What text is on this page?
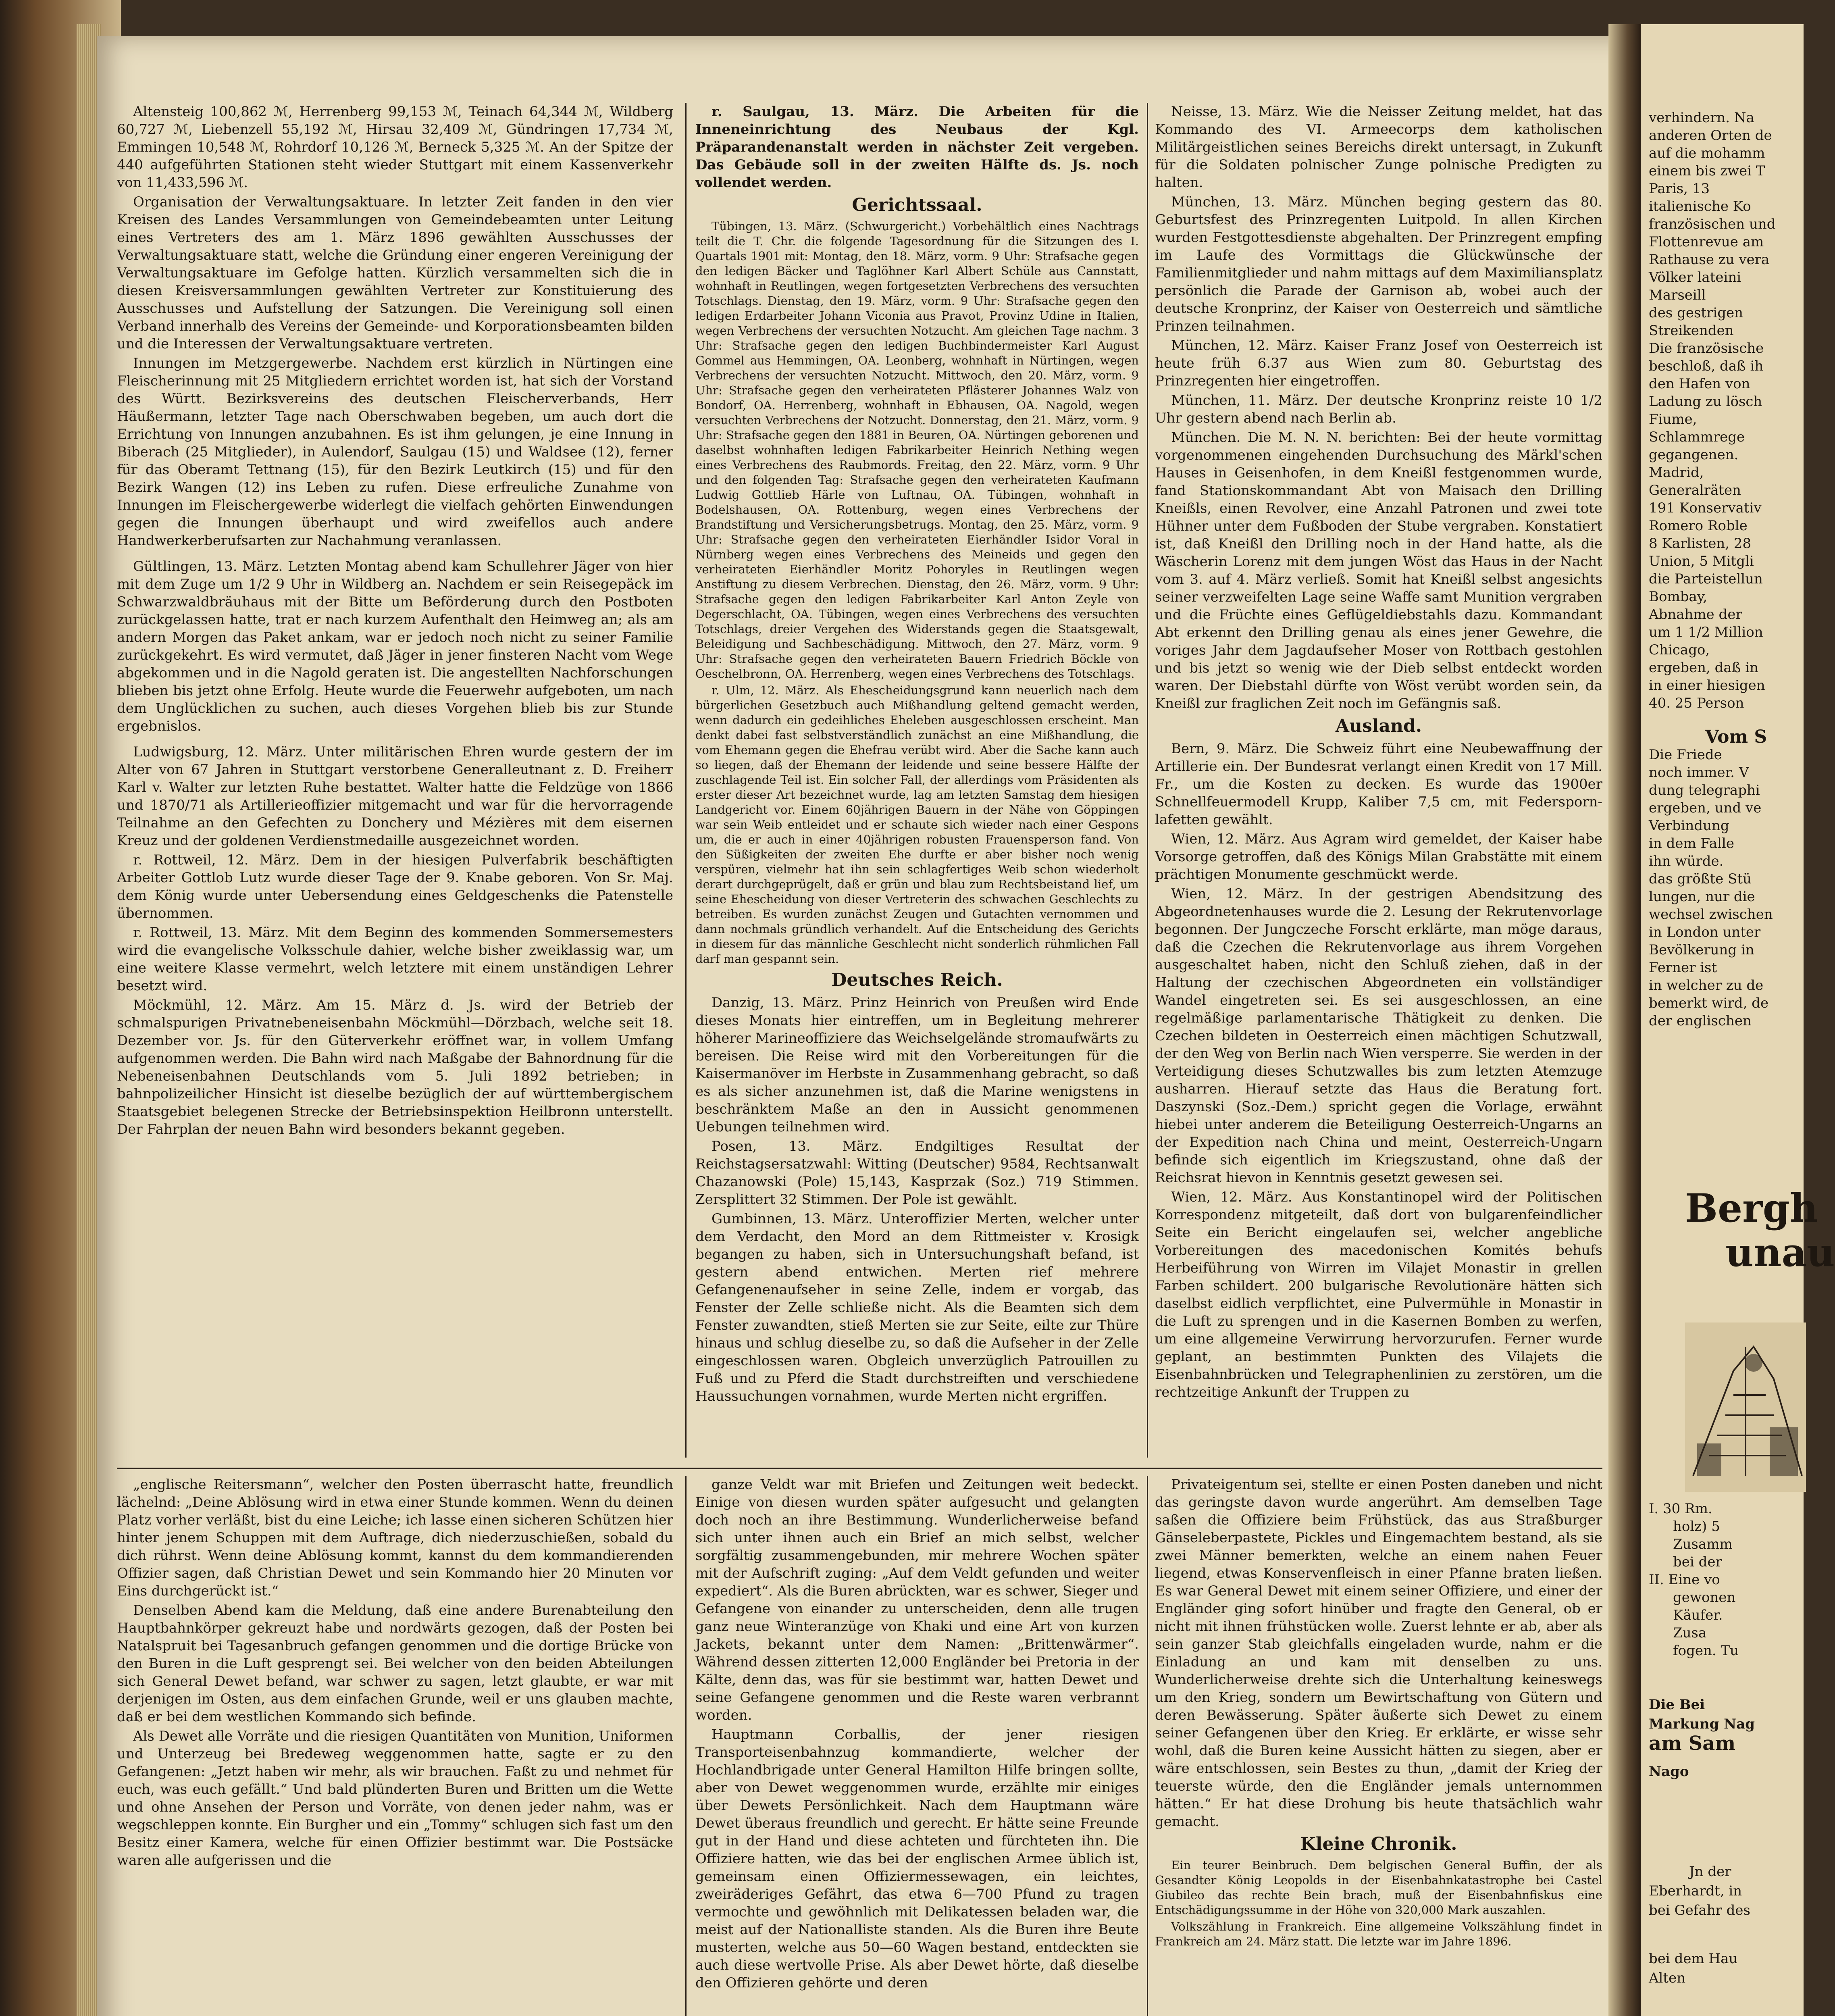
Altensteig 100,862 ℳ, Herrenberg 99,153 ℳ, Teinach 64,344 ℳ, Wildberg 60,727 ℳ, Liebenzell 55,192 ℳ, Hirsau 32,409 ℳ, Gündringen 17,734 ℳ, Emmingen 10,548 ℳ, Rohrdorf 10,126 ℳ, Berneck 5,325 ℳ. An der Spitze der 440 aufgeführten Stationen steht wieder Stuttgart mit einem Kassenverkehr von 11,433,596 ℳ.

Organisation der Verwaltungsaktuare. In letzter Zeit fanden in den vier Kreisen des Landes Versammlungen von Gemeindebeamten unter Leitung eines Vertreters des am 1. März 1896 gewählten Ausschusses der Verwaltungsaktuare statt, welche die Gründung einer engeren Vereinigung der Verwaltungsaktuare im Gefolge hatten. Kürzlich versammelten sich die in diesen Kreisversammlungen gewählten Vertreter zur Konstituierung des Ausschusses und Aufstellung der Satzungen. Die Vereinigung soll einen Verband innerhalb des Vereins der Gemeinde- und Korporationsbeamten bilden und die Interessen der Verwaltungsaktuare vertreten.

Innungen im Metzgergewerbe. Nachdem erst kürzlich in Nürtingen eine Fleischerinnung mit 25 Mitgliedern errichtet worden ist, hat sich der Vorstand des Württ. Bezirksvereins des deutschen Fleischerverbands, Herr Häußermann, letzter Tage nach Oberschwaben begeben, um auch dort die Errichtung von Innungen anzubahnen. Es ist ihm gelungen, je eine Innung in Biberach (25 Mitglieder), in Aulendorf, Saulgau (15) und Waldsee (12), ferner für das Oberamt Tettnang (15), für den Bezirk Leutkirch (15) und für den Bezirk Wangen (12) ins Leben zu rufen. Diese erfreuliche Zunahme von Innungen im Fleischergewerbe widerlegt die vielfach gehörten Einwendungen gegen die Innungen überhaupt und wird zweifellos auch andere Handwerkerberufsarten zur Nachahmung veranlassen.

Gültlingen, 13. März. Letzten Montag abend kam Schullehrer Jäger von hier mit dem Zuge um 1/2 9 Uhr in Wildberg an. Nachdem er sein Reisegepäck im Schwarzwaldbräuhaus mit der Bitte um Beförderung durch den Postboten zurückgelassen hatte, trat er nach kurzem Aufenthalt den Heimweg an; als am andern Morgen das Paket ankam, war er jedoch noch nicht zu seiner Familie zurückgekehrt. Es wird vermutet, daß Jäger in jener finsteren Nacht vom Wege abgekommen und in die Nagold geraten ist. Die angestellten Nachforschungen blieben bis jetzt ohne Erfolg. Heute wurde die Feuerwehr aufgeboten, um nach dem Unglücklichen zu suchen, auch dieses Vorgehen blieb bis zur Stunde ergebnislos.

Ludwigsburg, 12. März. Unter militärischen Ehren wurde gestern der im Alter von 67 Jahren in Stuttgart verstorbene Generalleutnant z. D. Freiherr Karl v. Walter zur letzten Ruhe bestattet. Walter hatte die Feldzüge von 1866 und 1870/71 als Artillerieoffizier mitgemacht und war für die hervorragende Teilnahme an den Gefechten zu Donchery und Mézières mit dem eisernen Kreuz und der goldenen Verdienstmedaille ausgezeichnet worden.

r. Rottweil, 12. März. Dem in der hiesigen Pulverfabrik beschäftigten Arbeiter Gottlob Lutz wurde dieser Tage der 9. Knabe geboren. Von Sr. Maj. dem König wurde unter Uebersendung eines Geldgeschenks die Patenstelle übernommen.

r. Rottweil, 13. März. Mit dem Beginn des kommenden Sommersemesters wird die evangelische Volksschule dahier, welche bisher zweiklassig war, um eine weitere Klasse vermehrt, welch letztere mit einem unständigen Lehrer besetzt wird.

Möckmühl, 12. März. Am 15. März d. Js. wird der Betrieb der schmalspurigen Privatnebeneisenbahn Möckmühl—Dörzbach, welche seit 18. Dezember vor. Js. für den Güterverkehr eröffnet war, in vollem Umfang aufgenommen werden. Die Bahn wird nach Maßgabe der Bahnordnung für die Nebeneisenbahnen Deutschlands vom 5. Juli 1892 betrieben; in bahnpolizeilicher Hinsicht ist dieselbe bezüglich der auf württembergischem Staatsgebiet belegenen Strecke der Betriebsinspektion Heilbronn unterstellt. Der Fahrplan der neuen Bahn wird besonders bekannt gegeben.

r. Saulgau, 13. März. Die Arbeiten für die Inneneinrichtung des Neubaus der Kgl. Präparandenanstalt werden in nächster Zeit vergeben. Das Gebäude soll in der zweiten Hälfte ds. Js. noch vollendet werden.

Gerichtssaal.

Tübingen, 13. März. (Schwurgericht.) Vorbehältlich eines Nachtrags teilt die T. Chr. die folgende Tagesordnung für die Sitzungen des I. Quartals 1901 mit: Montag, den 18. März, vorm. 9 Uhr: Strafsache gegen den ledigen Bäcker und Taglöhner Karl Albert Schüle aus Cannstatt, wohnhaft in Reutlingen, wegen fortgesetzten Verbrechens des versuchten Totschlags. Dienstag, den 19. März, vorm. 9 Uhr: Strafsache gegen den ledigen Erdarbeiter Johann Viconia aus Pravot, Provinz Udine in Italien, wegen Verbrechens der versuchten Notzucht. Am gleichen Tage nachm. 3 Uhr: Strafsache gegen den ledigen Buchbindermeister Karl August Gommel aus Hemmingen, OA. Leonberg, wohnhaft in Nürtingen, wegen Verbrechens der versuchten Notzucht. Mittwoch, den 20. März, vorm. 9 Uhr: Strafsache gegen den verheirateten Pflästerer Johannes Walz von Bondorf, OA. Herrenberg, wohnhaft in Ebhausen, OA. Nagold, wegen versuchten Verbrechens der Notzucht. Donnerstag, den 21. März, vorm. 9 Uhr: Strafsache gegen den 1881 in Beuren, OA. Nürtingen geborenen und daselbst wohnhaften ledigen Fabrikarbeiter Heinrich Nething wegen eines Verbrechens des Raubmords. Freitag, den 22. März, vorm. 9 Uhr und den folgenden Tag: Strafsache gegen den verheirateten Kaufmann Ludwig Gottlieb Härle von Luftnau, OA. Tübingen, wohnhaft in Bodelshausen, OA. Rottenburg, wegen eines Verbrechens der Brandstiftung und Versicherungsbetrugs. Montag, den 25. März, vorm. 9 Uhr: Strafsache gegen den verheirateten Eierhändler Isidor Voral in Nürnberg wegen eines Verbrechens des Meineids und gegen den verheirateten Eierhändler Moritz Pohoryles in Reutlingen wegen Anstiftung zu diesem Verbrechen. Dienstag, den 26. März, vorm. 9 Uhr: Strafsache gegen den ledigen Fabrikarbeiter Karl Anton Zeyle von Degerschlacht, OA. Tübingen, wegen eines Verbrechens des versuchten Totschlags, dreier Vergehen des Widerstands gegen die Staatsgewalt, Beleidigung und Sachbeschädigung. Mittwoch, den 27. März, vorm. 9 Uhr: Strafsache gegen den verheirateten Bauern Friedrich Böckle von Oeschelbronn, OA. Herrenberg, wegen eines Verbrechens des Totschlags.

r. Ulm, 12. März. Als Ehescheidungsgrund kann neuerlich nach dem bürgerlichen Gesetzbuch auch Mißhandlung geltend gemacht werden, wenn dadurch ein gedeihliches Eheleben ausgeschlossen erscheint. Man denkt dabei fast selbstverständlich zunächst an eine Mißhandlung, die vom Ehemann gegen die Ehefrau verübt wird. Aber die Sache kann auch so liegen, daß der Ehemann der leidende und seine bessere Hälfte der zuschlagende Teil ist. Ein solcher Fall, der allerdings vom Präsidenten als erster dieser Art bezeichnet wurde, lag am letzten Samstag dem hiesigen Landgericht vor. Einem 60jährigen Bauern in der Nähe von Göppingen war sein Weib entleidet und er schaute sich wieder nach einer Gespons um, die er auch in einer 40jährigen robusten Frauensperson fand. Von den Süßigkeiten der zweiten Ehe durfte er aber bisher noch wenig verspüren, vielmehr hat ihn sein schlagfertiges Weib schon wiederholt derart durchgeprügelt, daß er grün und blau zum Rechtsbeistand lief, um seine Ehescheidung von dieser Vertreterin des schwachen Geschlechts zu betreiben. Es wurden zunächst Zeugen und Gutachten vernommen und dann nochmals gründlich verhandelt. Auf die Entscheidung des Gerichts in diesem für das männliche Geschlecht nicht sonderlich rühmlichen Fall darf man gespannt sein.

Deutsches Reich.

Danzig, 13. März. Prinz Heinrich von Preußen wird Ende dieses Monats hier eintreffen, um in Begleitung mehrerer höherer Marineoffiziere das Weichselgelände stromaufwärts zu bereisen. Die Reise wird mit den Vorbereitungen für die Kaisermanöver im Herbste in Zusammenhang gebracht, so daß es als sicher anzunehmen ist, daß die Marine wenigstens in beschränktem Maße an den in Aussicht genommenen Uebungen teilnehmen wird.

Posen, 13. März. Endgiltiges Resultat der Reichstagsersatzwahl: Witting (Deutscher) 9584, Rechtsanwalt Chazanowski (Pole) 15,143, Kasprzak (Soz.) 719 Stimmen. Zersplittert 32 Stimmen. Der Pole ist gewählt.

Gumbinnen, 13. März. Unteroffizier Merten, welcher unter dem Verdacht, den Mord an dem Rittmeister v. Krosigk begangen zu haben, sich in Untersuchungshaft befand, ist gestern abend entwichen. Merten rief mehrere Gefangenenaufseher in seine Zelle, indem er vorgab, das Fenster der Zelle schließe nicht. Als die Beamten sich dem Fenster zuwandten, stieß Merten sie zur Seite, eilte zur Thüre hinaus und schlug dieselbe zu, so daß die Aufseher in der Zelle eingeschlossen waren. Obgleich unverzüglich Patrouillen zu Fuß und zu Pferd die Stadt durchstreiften und verschiedene Haussuchungen vornahmen, wurde Merten nicht ergriffen.

Neisse, 13. März. Wie die Neisser Zeitung meldet, hat das Kommando des VI. Armeecorps dem katholischen Militärgeistlichen seines Bereichs direkt untersagt, in Zukunft für die Soldaten polnischer Zunge polnische Predigten zu halten.

München, 13. März. München beging gestern das 80. Geburtsfest des Prinzregenten Luitpold. In allen Kirchen wurden Festgottesdienste abgehalten. Der Prinzregent empfing im Laufe des Vormittags die Glückwünsche der Familienmitglieder und nahm mittags auf dem Maximiliansplatz persönlich die Parade der Garnison ab, wobei auch der deutsche Kronprinz, der Kaiser von Oesterreich und sämtliche Prinzen teilnahmen.

München, 12. März. Kaiser Franz Josef von Oesterreich ist heute früh 6.37 aus Wien zum 80. Geburtstag des Prinzregenten hier eingetroffen.

München, 11. März. Der deutsche Kronprinz reiste 10 1/2 Uhr gestern abend nach Berlin ab.

München. Die M. N. N. berichten: Bei der heute vormittag vorgenommenen eingehenden Durchsuchung des Märkl'schen Hauses in Geisenhofen, in dem Kneißl festgenommen wurde, fand Stationskommandant Abt von Maisach den Drilling Kneißls, einen Revolver, eine Anzahl Patronen und zwei tote Hühner unter dem Fußboden der Stube vergraben. Konstatiert ist, daß Kneißl den Drilling noch in der Hand hatte, als die Wäscherin Lorenz mit dem jungen Wöst das Haus in der Nacht vom 3. auf 4. März verließ. Somit hat Kneißl selbst angesichts seiner verzweifelten Lage seine Waffe samt Munition vergraben und die Früchte eines Geflügeldiebstahls dazu. Kommandant Abt erkennt den Drilling genau als eines jener Gewehre, die voriges Jahr dem Jagdaufseher Moser von Rottbach gestohlen und bis jetzt so wenig wie der Dieb selbst entdeckt worden waren. Der Diebstahl dürfte von Wöst verübt worden sein, da Kneißl zur fraglichen Zeit noch im Gefängnis saß.

Ausland.

Bern, 9. März. Die Schweiz führt eine Neubewaffnung der Artillerie ein. Der Bundesrat verlangt einen Kredit von 17 Mill. Fr., um die Kosten zu decken. Es wurde das 1900er Schnellfeuermodell Krupp, Kaliber 7,5 cm, mit Federspornlafetten gewählt.

Wien, 12. März. Aus Agram wird gemeldet, der Kaiser habe Vorsorge getroffen, daß des Königs Milan Grabstätte mit einem prächtigen Monumente geschmückt werde.

Wien, 12. März. In der gestrigen Abendsitzung des Abgeordnetenhauses wurde die 2. Lesung der Rekrutenvorlage begonnen. Der Jungczeche Forscht erklärte, man möge daraus, daß die Czechen die Rekrutenvorlage aus ihrem Vorgehen ausgeschaltet haben, nicht den Schluß ziehen, daß in der Haltung der czechischen Abgeordneten ein vollständiger Wandel eingetreten sei. Es sei ausgeschlossen, an eine regelmäßige parlamentarische Thätigkeit zu denken. Die Czechen bildeten in Oesterreich einen mächtigen Schutzwall, der den Weg von Berlin nach Wien versperre. Sie werden in der Verteidigung dieses Schutzwalles bis zum letzten Atemzuge ausharren. Hierauf setzte das Haus die Beratung fort. Daszynski (Soz.-Dem.) spricht gegen die Vorlage, erwähnt hiebei unter anderem die Beteiligung Oesterreich-Ungarns an der Expedition nach China und meint, Oesterreich-Ungarn befinde sich eigentlich im Kriegszustand, ohne daß der Reichsrat hievon in Kenntnis gesetzt gewesen sei.

Wien, 12. März. Aus Konstantinopel wird der Politischen Korrespondenz mitgeteilt, daß dort von bulgarenfeindlicher Seite ein Bericht eingelaufen sei, welcher angebliche Vorbereitungen des macedonischen Komités behufs Herbeiführung von Wirren im Vilajet Monastir in grellen Farben schildert. 200 bulgarische Revolutionäre hätten sich daselbst eidlich verpflichtet, eine Pulvermühle in Monastir in die Luft zu sprengen und in die Kasernen Bomben zu werfen, um eine allgemeine Verwirrung hervorzurufen. Ferner wurde geplant, an bestimmten Punkten des Vilajets die Eisenbahnbrücken und Telegraphenlinien zu zerstören, um die rechtzeitige Ankunft der Truppen zu

„englische Reitersmann“, welcher den Posten überrascht hatte, freundlich lächelnd: „Deine Ablösung wird in etwa einer Stunde kommen. Wenn du deinen Platz vorher verläßt, bist du eine Leiche; ich lasse einen sicheren Schützen hier hinter jenem Schuppen mit dem Auftrage, dich niederzuschießen, sobald du dich rührst. Wenn deine Ablösung kommt, kannst du dem kommandierenden Offizier sagen, daß Christian Dewet und sein Kommando hier 20 Minuten vor Eins durchgerückt ist.“

Denselben Abend kam die Meldung, daß eine andere Burenabteilung den Hauptbahnkörper gekreuzt habe und nordwärts gezogen, daß der Posten bei Natalspruit bei Tagesanbruch gefangen genommen und die dortige Brücke von den Buren in die Luft gesprengt sei. Bei welcher von den beiden Abteilungen sich General Dewet befand, war schwer zu sagen, letzt glaubte, er war mit derjenigen im Osten, aus dem einfachen Grunde, weil er uns glauben machte, daß er bei dem westlichen Kommando sich befinde.

Als Dewet alle Vorräte und die riesigen Quantitäten von Munition, Uniformen und Unterzeug bei Bredeweg weggenommen hatte, sagte er zu den Gefangenen: „Jetzt haben wir mehr, als wir brauchen. Faßt zu und nehmet für euch, was euch gefällt.“ Und bald plünderten Buren und Britten um die Wette und ohne Ansehen der Person und Vorräte, von denen jeder nahm, was er wegschleppen konnte. Ein Burgher und ein „Tommy“ schlugen sich fast um den Besitz einer Kamera, welche für einen Offizier bestimmt war. Die Postsäcke waren alle aufgerissen und die

ganze Veldt war mit Briefen und Zeitungen weit bedeckt. Einige von diesen wurden später aufgesucht und gelangten doch noch an ihre Bestimmung. Wunderlicherweise befand sich unter ihnen auch ein Brief an mich selbst, welcher sorgfältig zusammengebunden, mir mehrere Wochen später mit der Aufschrift zuging: „Auf dem Veldt gefunden und weiter expediert“. Als die Buren abrückten, war es schwer, Sieger und Gefangene von einander zu unterscheiden, denn alle trugen ganz neue Winteranzüge von Khaki und eine Art von kurzen Jackets, bekannt unter dem Namen: „Brittenwärmer“. Während dessen zitterten 12,000 Engländer bei Pretoria in der Kälte, denn das, was für sie bestimmt war, hatten Dewet und seine Gefangene genommen und die Reste waren verbrannt worden.

Hauptmann Corballis, der jener riesigen Transporteisenbahnzug kommandierte, welcher der Hochlandbrigade unter General Hamilton Hilfe bringen sollte, aber von Dewet weggenommen wurde, erzählte mir einiges über Dewets Persönlichkeit. Nach dem Hauptmann wäre Dewet überaus freundlich und gerecht. Er hätte seine Freunde gut in der Hand und diese achteten und fürchteten ihn. Die Offiziere hatten, wie das bei der englischen Armee üblich ist, gemeinsam einen Offiziermessewagen, ein leichtes, zweiräderiges Gefährt, das etwa 6—700 Pfund zu tragen vermochte und gewöhnlich mit Delikatessen beladen war, die meist auf der Nationalliste standen. Als die Buren ihre Beute musterten, welche aus 50—60 Wagen bestand, entdeckten sie auch diese wertvolle Prise. Als aber Dewet hörte, daß dieselbe den Offizieren gehörte und deren

Privateigentum sei, stellte er einen Posten daneben und nicht das geringste davon wurde angerührt. Am demselben Tage saßen die Offiziere beim Frühstück, das aus Straßburger Gänseleberpastete, Pickles und Eingemachtem bestand, als sie zwei Männer bemerkten, welche an einem nahen Feuer liegend, etwas Konservenfleisch in einer Pfanne braten ließen. Es war General Dewet mit einem seiner Offiziere, und einer der Engländer ging sofort hinüber und fragte den General, ob er nicht mit ihnen frühstücken wolle. Zuerst lehnte er ab, aber als sein ganzer Stab gleichfalls eingeladen wurde, nahm er die Einladung an und kam mit denselben zu uns. Wunderlicherweise drehte sich die Unterhaltung keineswegs um den Krieg, sondern um Bewirtschaftung von Gütern und deren Bewässerung. Später äußerte sich Dewet zu einem seiner Gefangenen über den Krieg. Er erklärte, er wisse sehr wohl, daß die Buren keine Aussicht hätten zu siegen, aber er wäre entschlossen, sein Bestes zu thun, „damit der Krieg der teuerste würde, den die Engländer jemals unternommen hätten.“ Er hat diese Drohung bis heute thatsächlich wahr gemacht.

Kleine Chronik.

Ein teurer Beinbruch. Dem belgischen General Buffin, der als Gesandter König Leopolds in der Eisenbahnkatastrophe bei Castel Giubileo das rechte Bein brach, muß der Eisenbahnfiskus eine Entschädigungssumme in der Höhe von 320,000 Mark auszahlen.

Volkszählung in Frankreich. Eine allgemeine Volkszählung findet in Frankreich am 24. März statt. Die letzte war im Jahre 1896.

verhindern. Na
anderen Orten de
auf die mohamm
einem bis zwei T
Paris, 13
italienische Ko
französischen und
Flottenrevue am
Rathause zu vera
Völker lateini
Marseill
des gestrigen
Streikenden
Die französische
beschloß, daß ih
den Hafen von
Ladung zu lösch
Fiume,
Schlammrege
gegangenen.
Madrid,
Generalräten
191 Konservativ
Romero Roble
8 Karlisten, 28
Union, 5 Mitgli
die Parteistellun
Bombay,
Abnahme der
um 1 1/2 Million
Chicago,
ergeben, daß in
in einer hiesigen
40. 25 Person
Vom S
Die Friede
noch immer. V
dung telegraphi
ergeben, und ve
Verbindung
in dem Falle
ihn würde.
das größte Stü
lungen, nur die
wechsel zwischen
in London unter
Bevölkerung in
Ferner ist
in welcher zu de
bemerkt wird, de
der englischen
Bergh
unau
I. 30 Rm.
holz) 5
Zusamm
bei der
II. Eine vo
gewonen
Käufer.
Zusa
fogen. Tu
Die Bei
Markung Nag
am Sam
Nago
Jn der
Eberhardt, in
bei Gefahr des
bei dem Hau
Alten
